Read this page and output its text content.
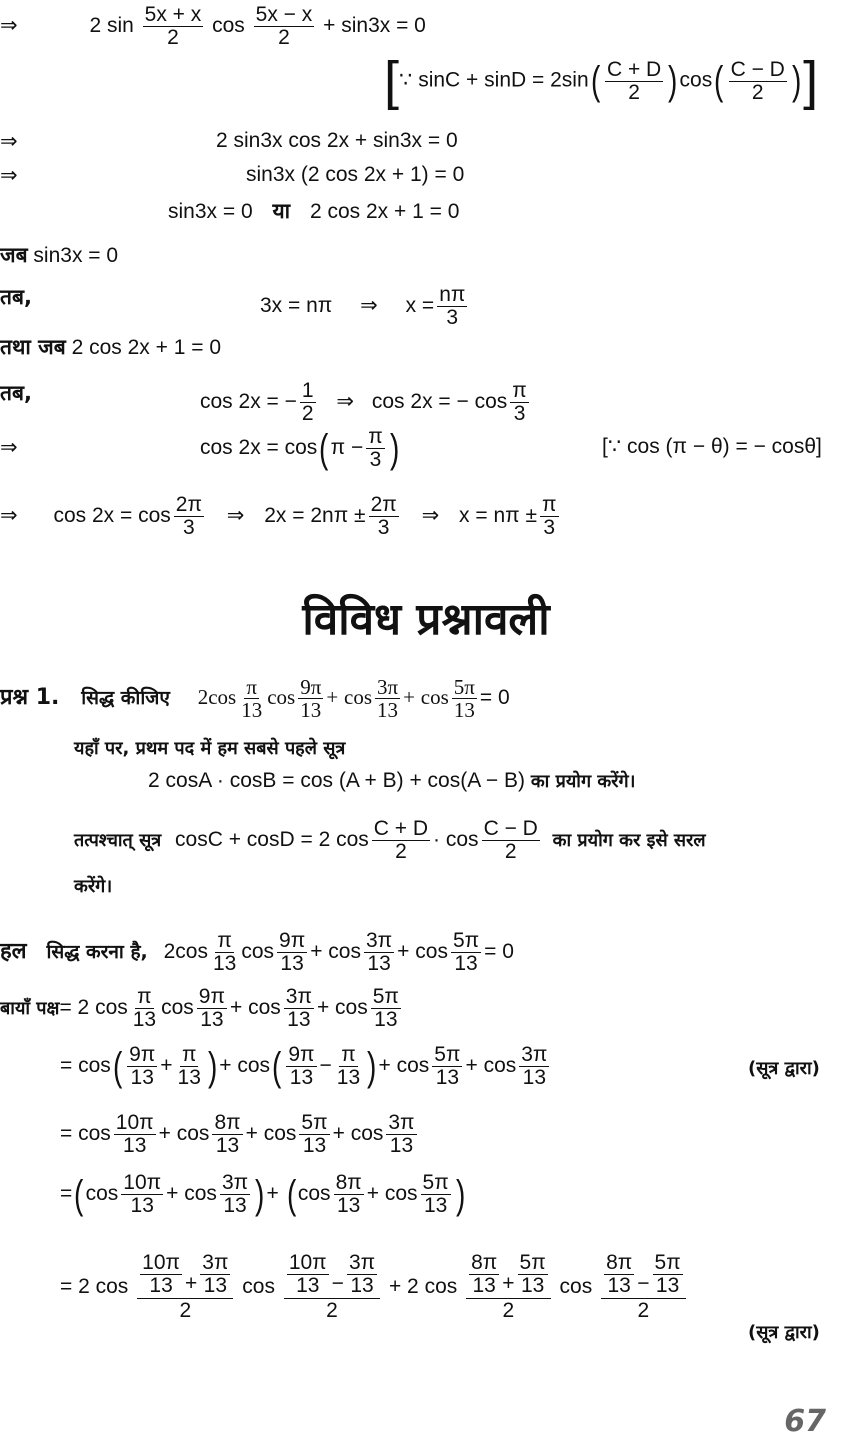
⇒	2 $\sin \frac{5x + x}{2}$ $\cos \frac{5x - x}{2} + \sin 3x = 0$
[∵ $\sin C + \sin D = 2\sin( \frac{C + D}{2} )\cos( \frac{C - D}{2}$ )]
⇒	2 sin3x cos 2x + sin3x = 0
⇒	sin3x (2 cos 2x + 1) = 0
sin3x = 0 या 2 cos 2x + 1 = 0
जब sin3x = 0
तब,	3x = nπ ⇒ $x = \frac{n\pi}{3}$
तथा जब 2 cos 2x + 1 = 0
तब,	cos 2x = − $\frac{1}{2}$ ⇒ cos 2x = − $\cos \frac{\pi}{3}$
⇒	$\cos 2x = \cos(\pi - \frac{\pi}{3}$ )	[∵ cos (π − θ) = − cosθ]
⇒ $\cos 2x = \cos \frac{2\pi}{3}$ ⇒ $2x = 2n\pi \pm \frac{2\pi}{3}$ ⇒ $x = n\pi \pm \frac{\pi}{3}$
विविध प्रश्नावली
प्रश्न 1. सिद्ध कीजिए $2\cos \frac{\pi}{13}$ $\cos \frac{9\pi}{13} + \cos \frac{3\pi}{13} + \cos \frac{5\pi}{13} = 0$
यहाँ पर, प्रथम पद में हम सबसे पहले सूत्र
2 cosA · cosB = cos (A + B) + cos(A − B) का प्रयोग करेंगे।
तत्पश्चात् सूत्र cosC + cosD = 2 $\cos \frac{C + D}{2} \cdot \cos \frac{C - D}{2}$ का प्रयोग कर इसे सरल
करेंगे।
हल सिद्ध करना है, $2\cos \frac{\pi}{13}$ $\cos \frac{9\pi}{13} + \cos \frac{3\pi}{13} + \cos \frac{5\pi}{13} = 0$
बायाँ पक्ष= 2 $\cos \frac{\pi}{13}$ $\cos \frac{9\pi}{13} + \cos \frac{3\pi}{13} + \cos \frac{5\pi}{13}$
= $\cos( \frac{9\pi}{13} + \frac{\pi}{13}$ )+ $\cos( \frac{9\pi}{13} - \frac{\pi}{13}$ )+ $\cos \frac{5\pi}{13} + \cos \frac{3\pi}{13}$	(सूत्र द्वारा)
= $\cos \frac{10\pi}{13} + \cos \frac{8\pi}{13} + \cos \frac{5\pi}{13} + \cos \frac{3\pi}{13}$
$=(\cos \frac{10\pi}{13} + \cos \frac{3\pi}{13}$ )+ ($\cos \frac{8\pi}{13} + \cos \frac{5\pi}{13}$ )
= 2 $\cos \frac{\frac{10\pi}{13} + \frac{3\pi}{13}}{2}$ $\cos \frac{\frac{10\pi}{13} - \frac{3\pi}{13}}{2} + 2$ $\cos \frac{\frac{8\pi}{13} + \frac{5\pi}{13}}{2}$ $\cos \frac{\frac{8\pi}{13} - \frac{5\pi}{13}}{2}$
(सूत्र द्वारा)
67
